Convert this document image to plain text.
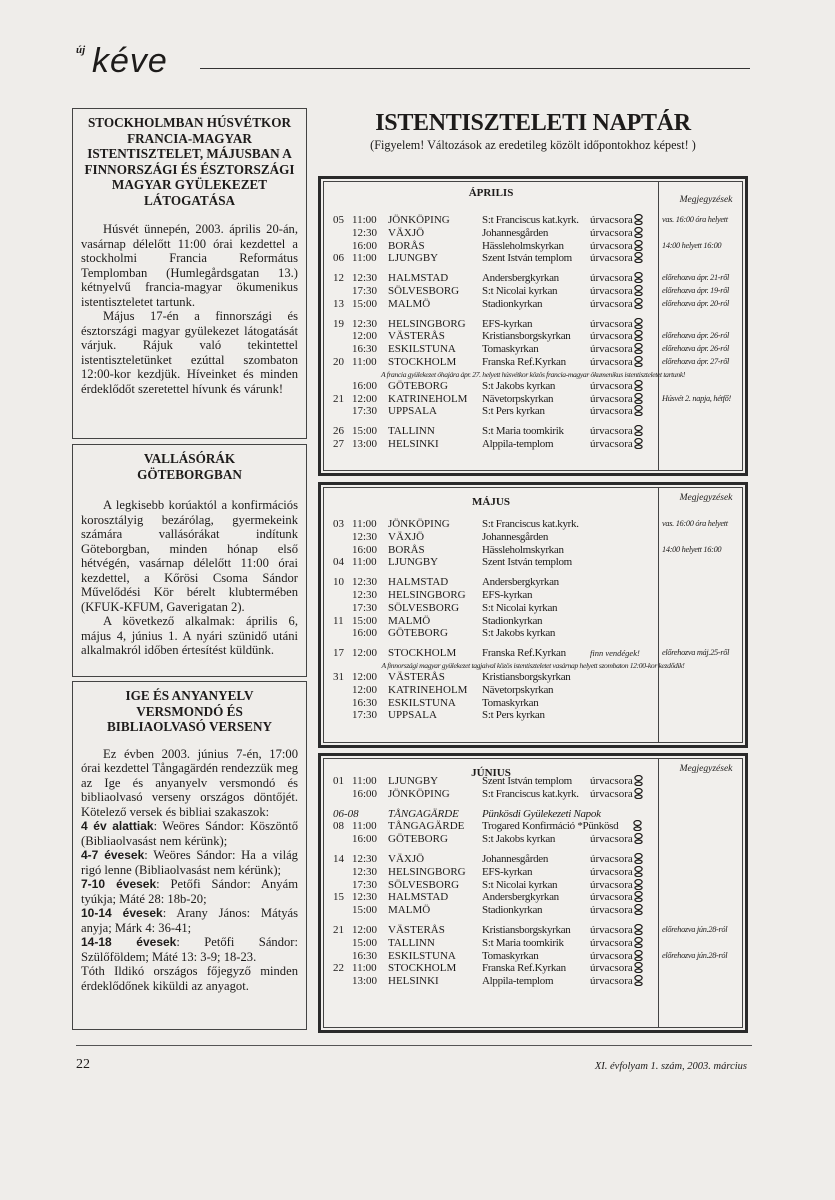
új kéve
STOCKHOLMBAN HÚSVÉTKOR FRANCIA-MAGYAR ISTENTISZTELET, MÁJUSBAN A FINNORSZÁGI ÉS ÉSZTORSZÁGI MAGYAR GYÜLEKEZET LÁTOGATÁSA

Húsvét ünnepén, 2003. április 20-án, vasárnap délelőtt 11:00 órai kezdettel a stockholmi Francia Református Templomban (Humlegårdsgatan 13.) kétnyelvű francia-magyar ökumenikus istentiszteletet tartunk.

Május 17-én a finnországi és észtországi magyar gyülekezet látogatását várjuk. Rájuk való tekintettel istentiszteletünket ezúttal szombaton 12:00-kor kezdjük. Híveinket és minden érdeklődőt szeretettel hívunk és várunk!

VALLÁSÓRÁK GÖTEBORGBAN

A legkisebb korúaktól a konfirmációs korosztályig bezárólag, gyermekeink számára vallásórákat indítunk Göteborgban, minden hónap első hétvégén, vasárnap délelőtt 11:00 órai kezdettel, a Kőrösi Csoma Sándor Művelődési Kör bérelt klubtermében (KFUK-KFUM, Gaverigatan 2).

A következő alkalmak: április 6, május 4, június 1. A nyári szünidő utáni alkalmakról időben értesítést küldünk.

IGE ÉS ANYANYELV VERSMONDÓ ÉS BIBLIAOLVASÓ VERSENY

Ez évben 2003. június 7-én, 17:00 órai kezdettel Tångagärdén rendezzük meg az Ige és anyanyelv versmondó és bibliaolvasó verseny országos döntőjét. Kötelező versek és bibliai szakaszok:

4 év alattiak: Weöres Sándor: Köszöntő (Bibliaolvasást nem kérünk);
4-7 évesek: Weöres Sándor: Ha a világ rigó lenne (Bibliaolvasást nem kérünk);
7-10 évesek: Petőfi Sándor: Anyám tyúkja; Máté 28: 18b-20;
10-14 évesek: Arany János: Mátyás anyja; Márk 4: 36-41;
14-18 évesek: Petőfi Sándor: Szülőföldem; Máté 13: 3-9; 18-23.

Tóth Ildikó országos főjegyző minden érdeklődőnek kiküldi az anyagot.

ISTENTISZTELETI NAPTÁR
(Figyelem! Változások az eredetileg közölt időpontokhoz képest! )
ÁPRILIS
Megjegyzések
05 11:00 JÖNKÖPING	S:t Franciscus kat.kyrk. úrvacsora	vas. 16:00 óra helyett
12:30 VÄXJÖ	Johannesgården	úrvacsora
16:00 BORÅS	Hässleholmskyrkan úrvacsora	14:00 helyett 16:00
06 11:00 LJUNGBY	Szent István templom úrvacsora
12 12:30 HALMSTAD	Andersbergkyrkan	úrvacsora	előrehozva ápr. 21-ről
17:30 SÖLVESBORG S:t Nicolai kyrkan	úrvacsora	előrehozva ápr. 19-ről
13 15:00 MALMÖ	Stadionkyrkan	úrvacsora	előrehozva ápr. 20-ról
19 12:30 HELSINGBORG EFS-kyrkan	úrvacsora
12:00 VÄSTERÅS	Kristiansborgskyrkan úrvacsora	előrehozva ápr. 26-ról
16:30 ESKILSTUNA Tomaskyrkan	úrvacsora	előrehozva ápr. 26-ról
20 11:00 STOCKHOLM Franska Ref.Kyrkan úrvacsora	előrehozva ápr. 27-ről
A francia gyülekezet óhajára ápr. 27. helyett húsvétkor közös francia-magyar ökumenikus istentiszteletet tartunk!
16:00 GÖTEBORG	S:t Jakobs kyrkan	úrvacsora
21 12:00 KATRINEHOLM Nävetorpskyrkan	úrvacsora	Húsvét 2. napja, hétfő!
17:30 UPPSALA	S:t Pers kyrkan	úrvacsora
26 15:00 TALLINN	S:t Maria toomkirik úrvacsora
27 13:00 HELSINKI	Alppila-templom	úrvacsora
MÁJUS	Megjegyzések
03 11:00 JÖNKÖPING	S:t Franciscus kat.kyrk.	vas. 16:00 óra helyett
12:30 VÄXJÖ	Johannesgården
16:00 BORÅS	Hässleholmskyrkan	14:00 helyett 16:00
04 11:00 LJUNGBY	Szent István templom
10 12:30 HALMSTAD	Andersbergkyrkan
12:30 HELSINGBORG EFS-kyrkan
17:30 SÖLVESBORG S:t Nicolai kyrkan
11 15:00 MALMÖ	Stadionkyrkan
16:00 GÖTEBORG	S:t Jakobs kyrkan
17 12:00 STOCKHOLM Franska Ref.Kyrkan	finn vendégek!	előrehozva máj.25-ről
A finnországi magyar gyülekezet tagjaival közös istentiszteletet vasárnap helyett szombaton 12:00-kor kezdődik!
31 12:00 VÄSTERÅS	Kristiansborgskyrkan
12:00 KATRINEHOLM Nävetorpskyrkan
16:30 ESKILSTUNA Tomaskyrkan
17:30 UPPSALA	S:t Pers kyrkan
JÚNIUS	Megjegyzések
01 11:00 LJUNGBY	Szent István templom úrvacsora
16:00 JÖNKÖPING	S:t Franciscus kat.kyrk. úrvacsora
06-08	TÅNGAGÄRDE Pünkösdi Gyülekezeti Napok
08 11:00 TÅNGAGÄRDE Trogared Konfirmáció *Pünkösd
16:00 GÖTEBORG	S:t Jakobs kyrkan	úrvacsora
14 12:30 VÄXJÖ	Johannesgården	úrvacsora
12:30 HELSINGBORG EFS-kyrkan	úrvacsora
17:30 SÖLVESBORG S:t Nicolai kyrkan	úrvacsora
15 12:30 HALMSTAD	Andersbergkyrkan	úrvacsora
15:00 MALMÖ	Stadionkyrkan	úrvacsora
21 12:00 VÄSTERÅS	Kristiansborgskyrkan úrvacsora	előrehozva jún.28-ról
15:00 TALLINN	S:t Maria toomkirik úrvacsora
16:30 ESKILSTUNA Tomaskyrkan	úrvacsora	előrehozva jún.28-ról
22 11:00 STOCKHOLM Franska Ref.Kyrkan úrvacsora
13:00 HELSINKI	Alppila-templom	úrvacsora
22	XI. évfolyam 1. szám, 2003. március
